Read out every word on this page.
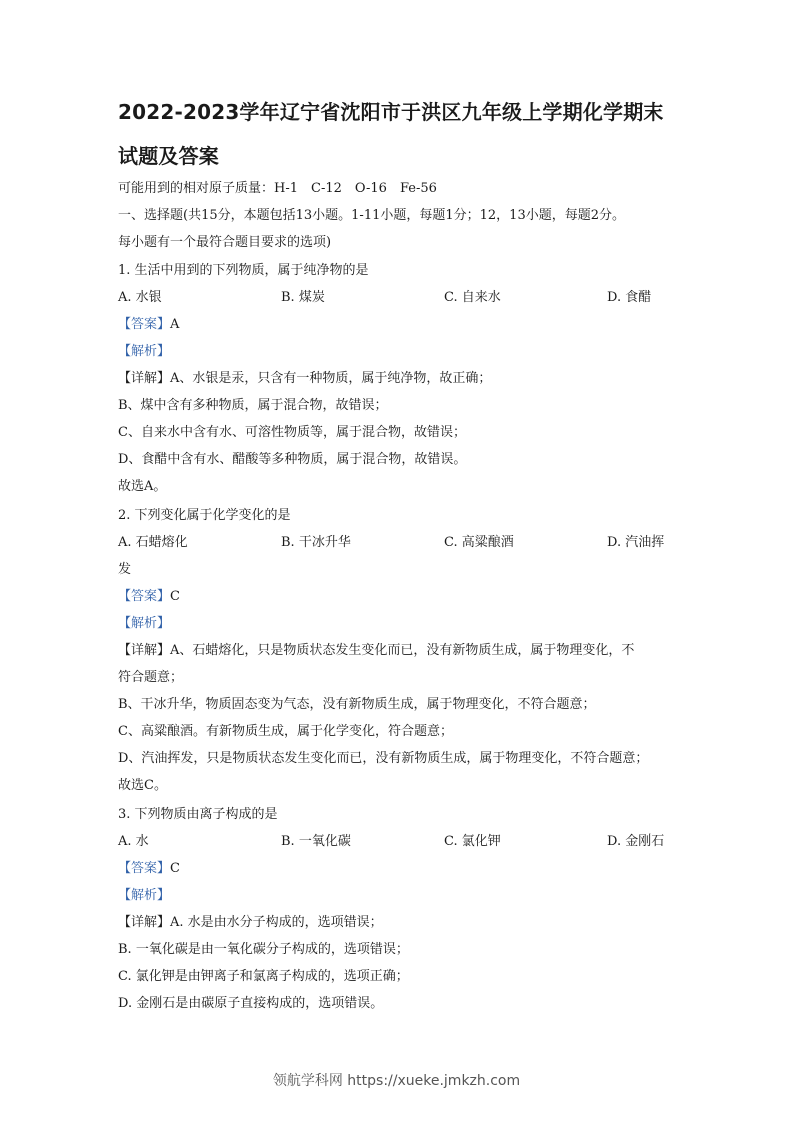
2022-2023学年辽宁省沈阳市于洪区九年级上学期化学期末
试题及答案
可能用到的相对原子质量：H-1　C-12　O-16　Fe-56
一、选择题(共15分，本题包括13小题。1-11小题，每题1分；12，13小题，每题2分。
每小题有一个最符合题目要求的选项)
1. 生活中用到的下列物质，属于纯净物的是
A. 水银	B. 煤炭	C. 自来水	D. 食醋
【答案】A
【解析】
【详解】A、水银是汞，只含有一种物质，属于纯净物，故正确；
B、煤中含有多种物质，属于混合物，故错误；
C、自来水中含有水、可溶性物质等，属于混合物，故错误；
D、食醋中含有水、醋酸等多种物质，属于混合物，故错误。
故选A。
2. 下列变化属于化学变化的是
A. 石蜡熔化	B. 干冰升华	C. 高粱酿酒	D. 汽油挥
发
【答案】C
【解析】
【详解】A、石蜡熔化，只是物质状态发生变化而已，没有新物质生成，属于物理变化，不
符合题意；
B、干冰升华，物质固态变为气态，没有新物质生成，属于物理变化，不符合题意；
C、高粱酿酒。有新物质生成，属于化学变化，符合题意；
D、汽油挥发，只是物质状态发生变化而已，没有新物质生成，属于物理变化，不符合题意；
故选C。
3. 下列物质由离子构成的是
A. 水	B. 一氧化碳	C. 氯化钾	D. 金刚石
【答案】C
【解析】
【详解】A. 水是由水分子构成的，选项错误；
B. 一氧化碳是由一氧化碳分子构成的，选项错误；
C. 氯化钾是由钾离子和氯离子构成的，选项正确；
D. 金刚石是由碳原子直接构成的，选项错误。
领航学科网 https://xueke.jmkzh.com
